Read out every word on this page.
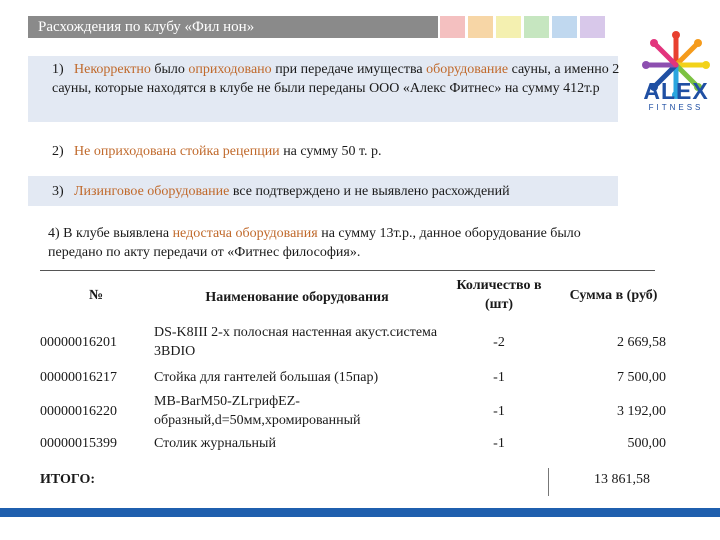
Расхождения по клубу «Фил нон»
ALEX
FITNESS
1) Некорректно было оприходовано при передаче имущества оборудование сауны, а именно 2 сауны, которые находятся в клубе не были переданы ООО «Алекс Фитнес» на сумму 412т.р
2) Не оприходована стойка рецепции на сумму 50 т. р.
3) Лизинговое оборудование все подтверждено и не выявлено расхождений
4) В клубе выявлена недостача оборудования на сумму 13т.р., данное оборудование было передано по акту передачи от «Фитнес философия».
№	Наименование оборудования	Количество в (шт)	Сумма в (руб)
00000016201	DS-K8III 2-х полосная настенная акуст.система 3BDIO	-2	2 669,58
00000016217	Стойка для гантелей большая (15пар)	-1	7 500,00
00000016220	MB-BarM50-ZLгрифEZ-образный,d=50мм,хромированный	-1	3 192,00
00000015399	Столик журнальный	-1	500,00
ИТОГО:	13 861,58
